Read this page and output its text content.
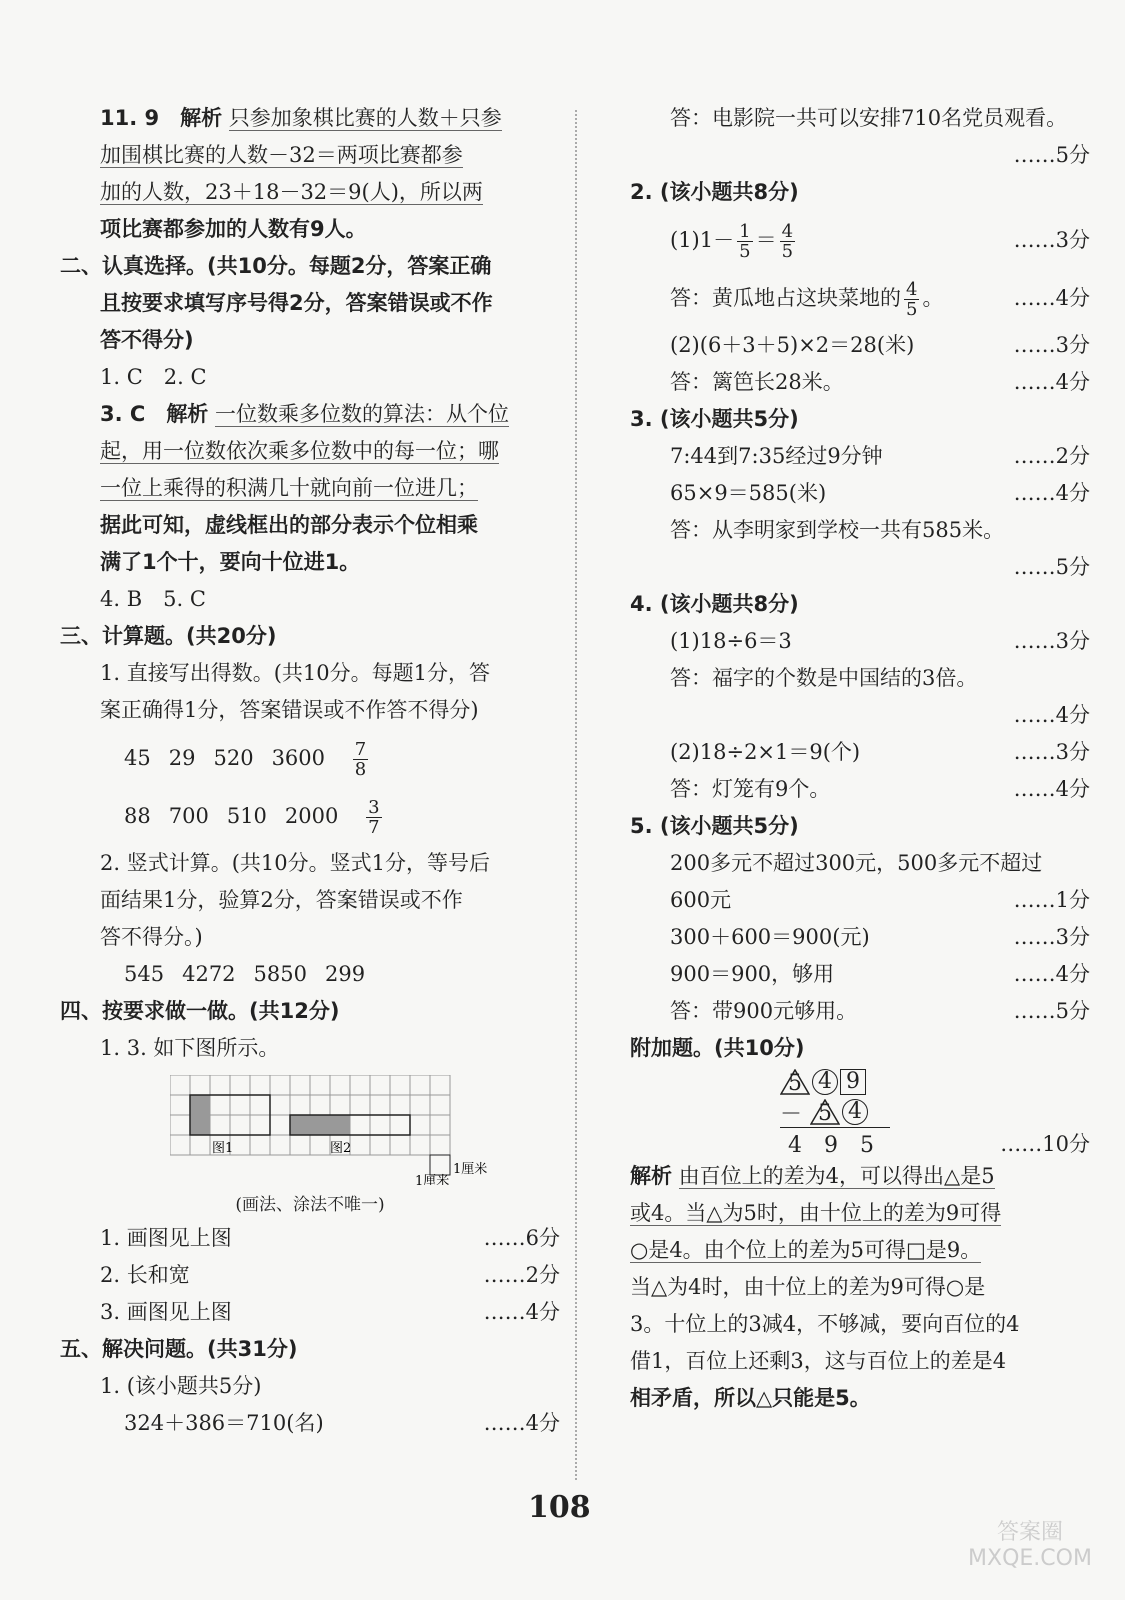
11. 9　 解析 只参加象棋比赛的人数＋只参
加围棋比赛的人数－32＝两项比赛都参
加的人数，23＋18－32＝9(人)，所以两
项比赛都参加的人数有9人。
二、认真选择。(共10分。每题2分，答案正确
且按要求填写序号得2分，答案错误或不作
答不得分)
1. C　2. C
3. C　 解析 一位数乘多位数的算法：从个位
起，用一位数依次乘多位数中的每一位；哪
一位上乘得的积满几十就向前一位进几；
据此可知，虚线框出的部分表示个位相乘
满了1个十，要向十位进1。
4. B　5. C
三、计算题。(共20分)
1. 直接写出得数。(共10分。每题1分，答
案正确得1分，答案错误或不作答不得分)
45 29 520 $3600 \frac{7}{8}$
88 700 510 $2000 \frac{3}{7}$
2. 竖式计算。(共10分。竖式1分，等号后
面结果1分，验算2分，答案错误或不作
答不得分。)
545 4272 5850 299
四、按要求做一做。(共12分)
1. 3. 如下图所示。
图1	图2
1厘米
1厘米
(画法、涂法不唯一)
1. 画图见上图	……6分
2. 长和宽	……2分
3. 画图见上图	……4分
五、解决问题。(共31分)
1. (该小题共5分)
324＋386＝710(名)	……4分
答：电影院一共可以安排710名党员观看。
……5分
2. (该小题共8分)
$(1)1- \frac{1}{5} = \frac{4}{5}$	……3分
答：黄瓜地占这块菜地的 $\frac{4}{5}$ 。	……4分
(2)(6＋3＋5)×2＝28(米)	……3分
答：篱笆长28米。	……4分
3. (该小题共5分)
7:44到7:35经过9分钟	……2分
65×9＝585(米)	……4分
答：从李明家到学校一共有585米。
……5分
4. (该小题共8分)
(1)18÷6＝3	……3分
答：福字的个数是中国结的3倍。
……4分
(2)18÷2×1＝9(个)	……3分
答：灯笼有9个。	……4分
5. (该小题共5分)
200多元不超过300元，500多元不超过
600元	……1分
300＋600＝900(元)	……3分
900＝900，够用	……4分
答：带900元够用。	……5分
附加题。(共10分)
5 4 9
－ 5 4
4　9　5	……10分
解析 由百位上的差为4，可以得出△是5
或4。当△为5时，由十位上的差为9可得
○是4。由个位上的差为5可得□是9。
当△为4时，由十位上的差为9可得○是
3。十位上的3减4，不够减，要向百位的4
借1，百位上还剩3，这与百位上的差是4
相矛盾，所以△只能是5。
108
答案圈
MXQE.COM
